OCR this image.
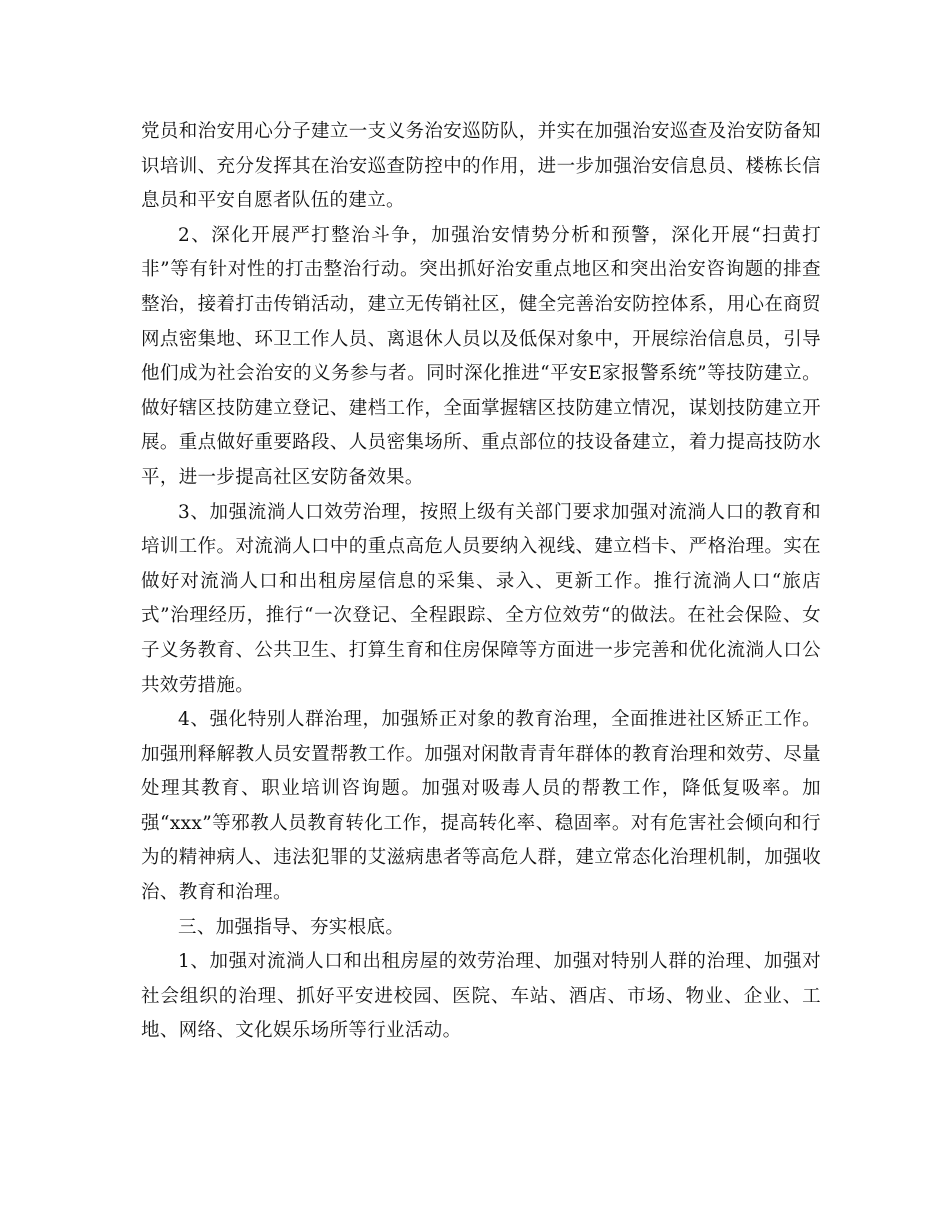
党员和治安用心分子建立一支义务治安巡防队，并实在加强治安巡查及治安防备知识培训、充分发挥其在治安巡查防控中的作用，进一步加强治安信息员、楼栋长信息员和平安自愿者队伍的建立。

2、深化开展严打整治斗争，加强治安情势分析和预警，深化开展“扫黄打非”等有针对性的打击整治行动。突出抓好治安重点地区和突出治安咨询题的排查整治，接着打击传销活动，建立无传销社区，健全完善治安防控体系，用心在商贸网点密集地、环卫工作人员、离退休人员以及低保对象中，开展综治信息员，引导他们成为社会治安的义务参与者。同时深化推进“平安E家报警系统”等技防建立。做好辖区技防建立登记、建档工作，全面掌握辖区技防建立情况，谋划技防建立开展。重点做好重要路段、人员密集场所、重点部位的技设备建立，着力提高技防水平，进一步提高社区安防备效果。

3、加强流淌人口效劳治理，按照上级有关部门要求加强对流淌人口的教育和培训工作。对流淌人口中的重点高危人员要纳入视线、建立档卡、严格治理。实在做好对流淌人口和出租房屋信息的采集、录入、更新工作。推行流淌人口“旅店式”治理经历，推行“一次登记、全程跟踪、全方位效劳“的做法。在社会保险、女子义务教育、公共卫生、打算生育和住房保障等方面进一步完善和优化流淌人口公共效劳措施。

4、强化特别人群治理，加强矫正对象的教育治理，全面推进社区矫正工作。加强刑释解教人员安置帮教工作。加强对闲散青青年群体的教育治理和效劳、尽量处理其教育、职业培训咨询题。加强对吸毒人员的帮教工作，降低复吸率。加强“xxx”等邪教人员教育转化工作，提高转化率、稳固率。对有危害社会倾向和行为的精神病人、违法犯罪的艾滋病患者等高危人群，建立常态化治理机制，加强收治、教育和治理。

三、加强指导、夯实根底。

1、加强对流淌人口和出租房屋的效劳治理、加强对特别人群的治理、加强对社会组织的治理、抓好平安进校园、医院、车站、酒店、市场、物业、企业、工地、网络、文化娱乐场所等行业活动。
